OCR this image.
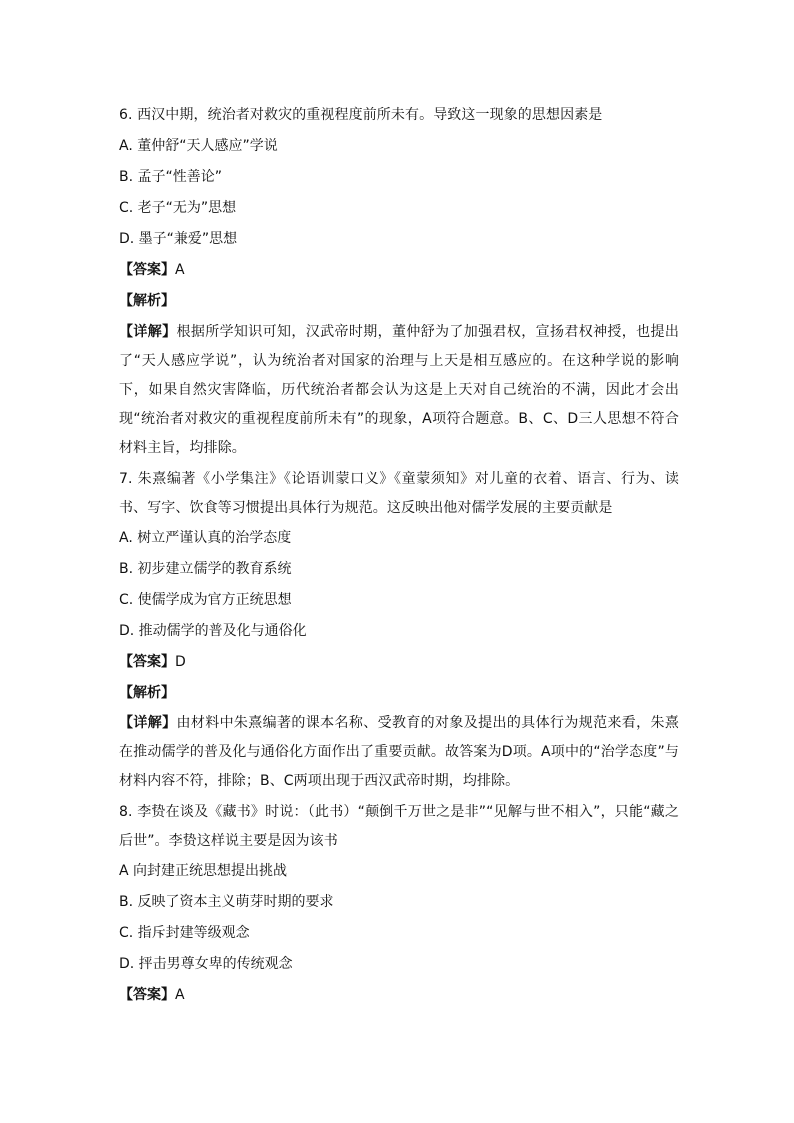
6. 西汉中期，统治者对救灾的重视程度前所未有。导致这一现象的思想因素是
A. 董仲舒“天人感应”学说
B. 孟子“性善论”
C. 老子“无为”思想
D. 墨子“兼爱”思想
【答案】A
【解析】
【详解】根据所学知识可知，汉武帝时期，董仲舒为了加强君权，宣扬君权神授，也提出了“天人感应学说”，认为统治者对国家的治理与上天是相互感应的。在这种学说的影响下，如果自然灾害降临，历代统治者都会认为这是上天对自己统治的不满，因此才会出现“统治者对救灾的重视程度前所未有”的现象，A项符合题意。B、C、D三人思想不符合材料主旨，均排除。
7. 朱熹编著《小学集注》《论语训蒙口义》《童蒙须知》对儿童的衣着、语言、行为、读书、写字、饮食等习惯提出具体行为规范。这反映出他对儒学发展的主要贡献是
A. 树立严谨认真的治学态度
B. 初步建立儒学的教育系统
C. 使儒学成为官方正统思想
D. 推动儒学的普及化与通俗化
【答案】D
【解析】
【详解】由材料中朱熹编著的课本名称、受教育的对象及提出的具体行为规范来看，朱熹在推动儒学的普及化与通俗化方面作出了重要贡献。故答案为D项。A项中的“治学态度”与材料内容不符，排除；B、C两项出现于西汉武帝时期，均排除。
8. 李贽在谈及《藏书》时说：（此书）“颠倒千万世之是非”“见解与世不相入”，只能“藏之后世”。李贽这样说主要是因为该书
A 向封建正统思想提出挑战
B. 反映了资本主义萌芽时期的要求
C. 指斥封建等级观念
D. 抨击男尊女卑的传统观念
【答案】A
